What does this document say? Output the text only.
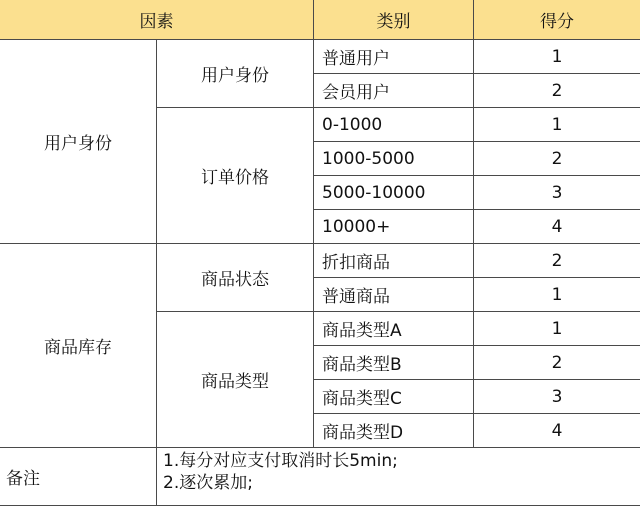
因素		类别	得分
用户身份	用户身份	普通用户	1
		会员用户	2
	订单价格	0-1000	1
		1000-5000	2
		5000-10000	3
		10000+	4
商品库存	商品状态	折扣商品	2
		普通商品	1
	商品类型	商品类型A	1
		商品类型B	2
		商品类型C	3
		商品类型D	4
备注	1.每分对应支付取消时长5min;
2.逐次累加;		
